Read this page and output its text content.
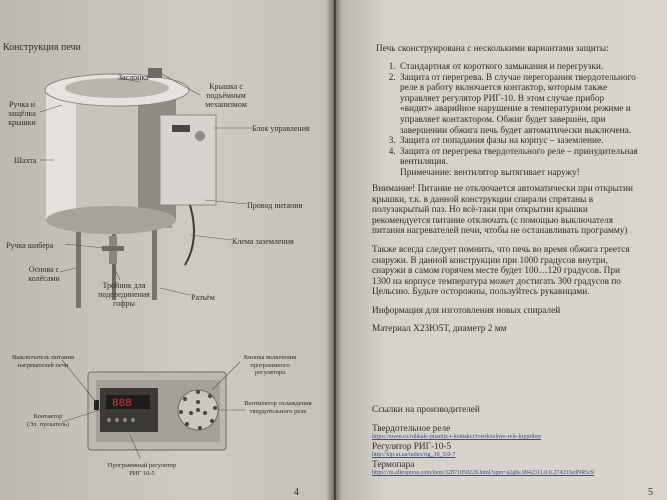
Конструкция печи
Заслонка
Крышка с
подъёмным
механизмом
Ручка и
защёлка
крышки
Блок управления
Шахта
Провод питания
Ручка шибера	Клема заземления
Основа с
колёсами
Тройник для
подсоединения
гофры
Разъём
888
Выключатель питания
нагревателей печи
Кнопка включения
программного
регулятора
Контактор
(Эл. пускатель)
Вентилятор охлаждения
твердотельного реле
Программный регулятор
РИГ 10-5
4
Печь сконструирована с несколькими вариантами защиты:
1. Стандартная от короткого замыкания и перегрузки.
2. Защита от перегрева. В случае перегорания твердотельного реле в работу включается контактор, которым также управляет регулятор РИГ-10. В этом случае прибор «видит» аварийное нарушение в температурном режиме и управляет контактором. Обжиг будет завершён, при завершении обжига печь будет автоматически выключена.
3. Защита от попадания фазы на корпус – заземление.
4. Защита от перегрева твердотельного реле – принудительная вентиляция.

Примечание: вентилятор вытягивает наружу!

Внимание! Питание не отключается автоматически при открытии крышки, т.к. в данной конструкции спирали спрятаны в полузакрытый паз. Но всё-таки при открытии крышки рекомендуется питание отключать (с помощью выключателя питания нагревателей печи, чтобы не останавливать программу)
Также всегда следует помнить, что печь во время обжига греется снаружи. В данной конструкции при 1000 градусов внутри, снаружи в самом горячем месте будет 100…120 градусов. При 1300 на корпусе температура может достигать 300 градусов по Цельсию. Будьте осторожны, пользуйтесь рукавицами.
Информация для изготовления новых спиралей
Материал Х23Ю5Т, диаметр 2 мм
Ссылки на производителей
Твердотельное реле
https://owen.ru/rubkalc-pitanija-i-kontakci/tverdotelnye-rele-kippribor
Регулятор РИГ-10-5
http://kip.ut.ua/index/rig_10_5/0-7
Термопара
https://ru.aliexpress.com/item/32871850229.html?spm=a2g0s.9042311.0.0.274233edNR5c9
5
